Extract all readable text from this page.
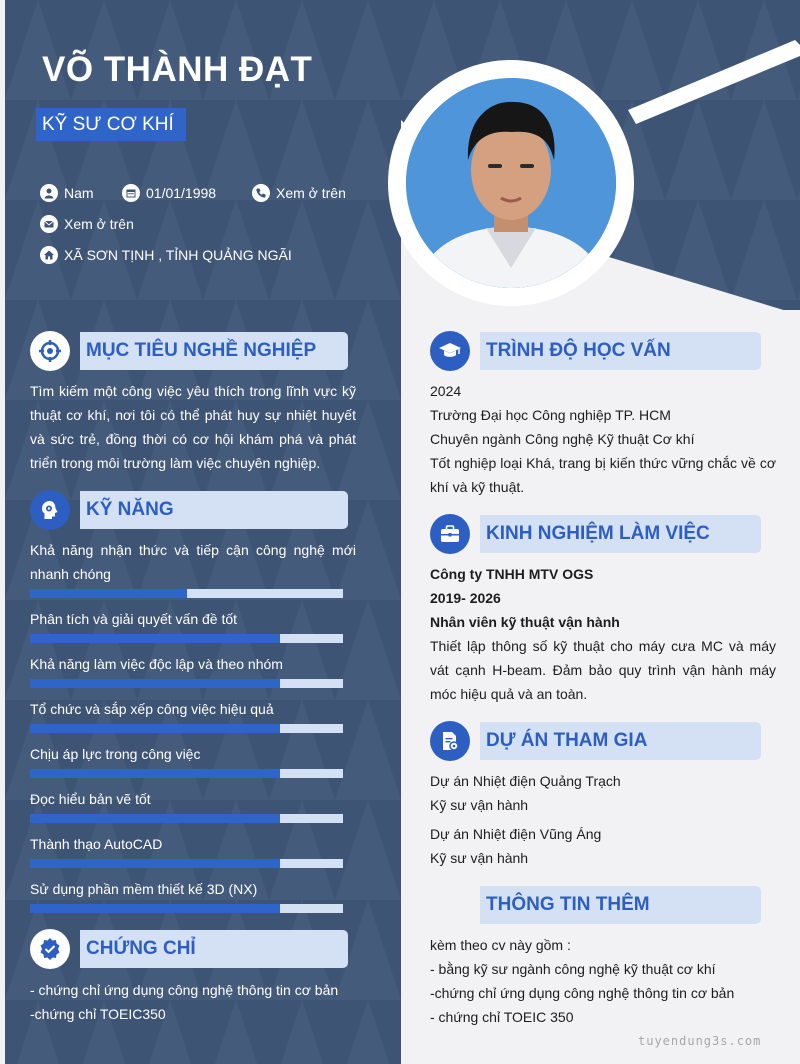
VÕ THÀNH ĐẠT
KỸ SƯ CƠ KHÍ
Nam	01/01/1998	Xem ở trên
Xem ở trên
XÃ SƠN TỊNH , TỈNH QUẢNG NGÃI
MỤC TIÊU NGHỀ NGHIỆP
Tìm kiếm một công việc yêu thích trong lĩnh vực kỹ thuật cơ khí, nơi tôi có thể phát huy sự nhiệt huyết và sức trẻ, đồng thời có cơ hội khám phá và phát triển trong môi trường làm việc chuyên nghiệp.
KỸ NĂNG
Khả năng nhận thức và tiếp cận công nghệ mới nhanh chóng
Phân tích và giải quyết vấn đề tốt
Khả năng làm việc độc lập và theo nhóm
Tổ chức và sắp xếp công việc hiệu quả
Chịu áp lực trong công việc
Đọc hiểu bản vẽ tốt
Thành thạo AutoCAD
Sử dụng phần mềm thiết kế 3D (NX)
CHỨNG CHỈ
- chứng chỉ ứng dụng công nghệ thông tin cơ bản
-chứng chỉ TOEIC350
TRÌNH ĐỘ HỌC VẤN
2024
Trường Đại học Công nghiệp TP. HCM
Chuyên ngành Công nghệ Kỹ thuật Cơ khí
Tốt nghiệp loại Khá, trang bị kiến thức vững chắc về cơ khí và kỹ thuật.
KINH NGHIỆM LÀM VIỆC
Công ty TNHH MTV OGS
2019- 2026
Nhân viên kỹ thuật vận hành
Thiết lập thông số kỹ thuật cho máy cưa MC và máy vát cạnh H-beam. Đảm bảo quy trình vận hành máy móc hiệu quả và an toàn.
DỰ ÁN THAM GIA
Dự án Nhiệt điện Quảng Trạch
Kỹ sư vận hành
Dự án Nhiệt điện Vũng Áng
Kỹ sư vận hành
THÔNG TIN THÊM
kèm theo cv này gồm :
- bằng kỹ sư ngành công nghệ kỹ thuật cơ khí
-chứng chỉ ứng dụng công nghệ thông tin cơ bản
- chứng chỉ TOEIC 350
tuyendung3s.com
